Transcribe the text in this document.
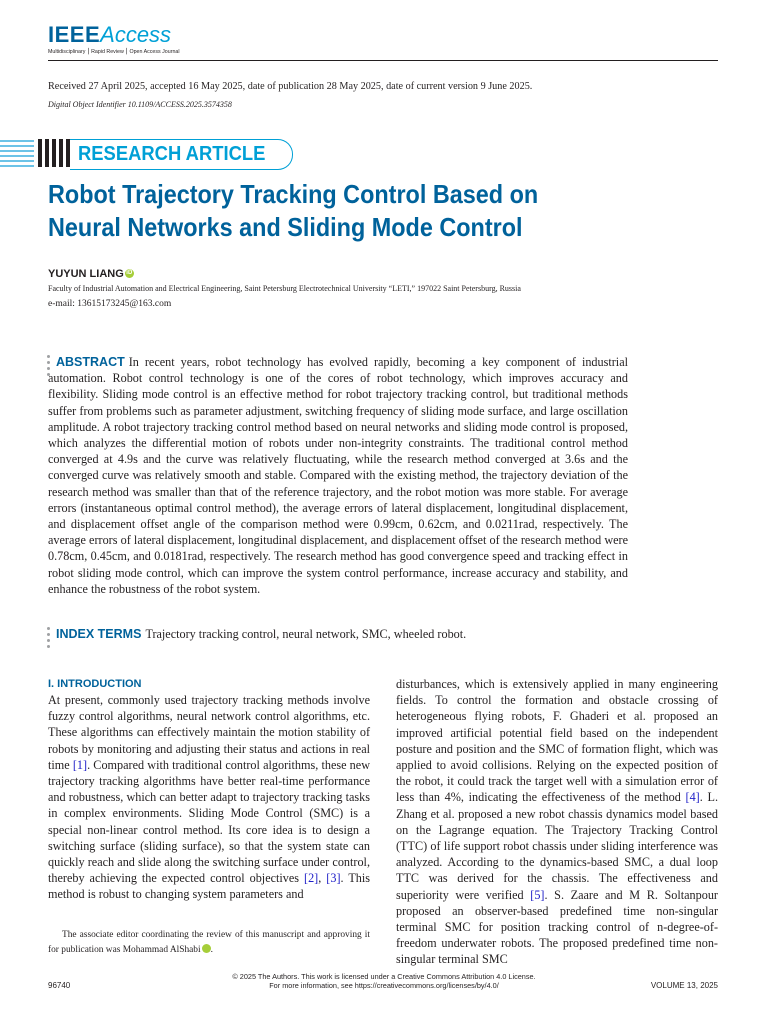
IEEEAccess
Multidisciplinary ⎮ Rapid Review ⎮ Open Access Journal
Received 27 April 2025, accepted 16 May 2025, date of publication 28 May 2025, date of current version 9 June 2025.
Digital Object Identifier 10.1109/ACCESS.2025.3574358
RESEARCH ARTICLE
Robot Trajectory Tracking Control Based on Neural Networks and Sliding Mode Control
YUYUN LIANG iD
Faculty of Industrial Automation and Electrical Engineering, Saint Petersburg Electrotechnical University “LETI,” 197022 Saint Petersburg, Russia
e-mail: 13615173245@163.com
ABSTRACT In recent years, robot technology has evolved rapidly, becoming a key component of industrial automation. Robot control technology is one of the cores of robot technology, which improves accuracy and flexibility. Sliding mode control is an effective method for robot trajectory tracking control, but traditional methods suffer from problems such as parameter adjustment, switching frequency of sliding mode surface, and large oscillation amplitude. A robot trajectory tracking control method based on neural networks and sliding mode control is proposed, which analyzes the differential motion of robots under non-integrity constraints. The traditional control method converged at 4.9s and the curve was relatively fluctuating, while the research method converged at 3.6s and the converged curve was relatively smooth and stable. Compared with the existing method, the trajectory deviation of the research method was smaller than that of the reference trajectory, and the robot motion was more stable. For average errors (instantaneous optimal control method), the average errors of lateral displacement, longitudinal displacement, and displacement offset angle of the comparison method were 0.99cm, 0.62cm, and 0.0211rad, respectively. The average errors of lateral displacement, longitudinal displacement, and displacement offset of the research method were 0.78cm, 0.45cm, and 0.0181rad, respectively. The research method has good convergence speed and tracking effect in robot sliding mode control, which can improve the system control performance, increase accuracy and stability, and enhance the robustness of the robot system.
INDEX TERMS Trajectory tracking control, neural network, SMC, wheeled robot.
I. INTRODUCTION
At present, commonly used trajectory tracking methods involve fuzzy control algorithms, neural network control algorithms, etc. These algorithms can effectively maintain the motion stability of robots by monitoring and adjusting their status and actions in real time [1]. Compared with traditional control algorithms, these new trajectory tracking algorithms have better real-time performance and robustness, which can better adapt to trajectory tracking tasks in complex environments. Sliding Mode Control (SMC) is a special non-linear control method. Its core idea is to design a switching surface (sliding surface), so that the system state can quickly reach and slide along the switching surface under control, thereby achieving the expected control objectives [2], [3]. This method is robust to changing system parameters and
disturbances, which is extensively applied in many engineering fields. To control the formation and obstacle crossing of heterogeneous flying robots, F. Ghaderi et al. proposed an improved artificial potential field based on the independent posture and position and the SMC of formation flight, which was applied to avoid collisions. Relying on the expected position of the robot, it could track the target well with a simulation error of less than 4%, indicating the effectiveness of the method [4]. L. Zhang et al. proposed a new robot chassis dynamics model based on the Lagrange equation. The Trajectory Tracking Control (TTC) of life support robot chassis under sliding interference was analyzed. According to the dynamics-based SMC, a dual loop TTC was derived for the chassis. The effectiveness and superiority were verified [5]. S. Zaare and M R. Soltanpour proposed an observer-based predefined time non-singular terminal SMC for position tracking control of n-degree-of-freedom underwater robots. The proposed predefined time non-singular terminal SMC
The associate editor coordinating the review of this manuscript and approving it for publication was Mohammad AlShabi	iD.
© 2025 The Authors. This work is licensed under a Creative Commons Attribution 4.0 License.
For more information, see https://creativecommons.org/licenses/by/4.0/
96740	VOLUME 13, 2025
